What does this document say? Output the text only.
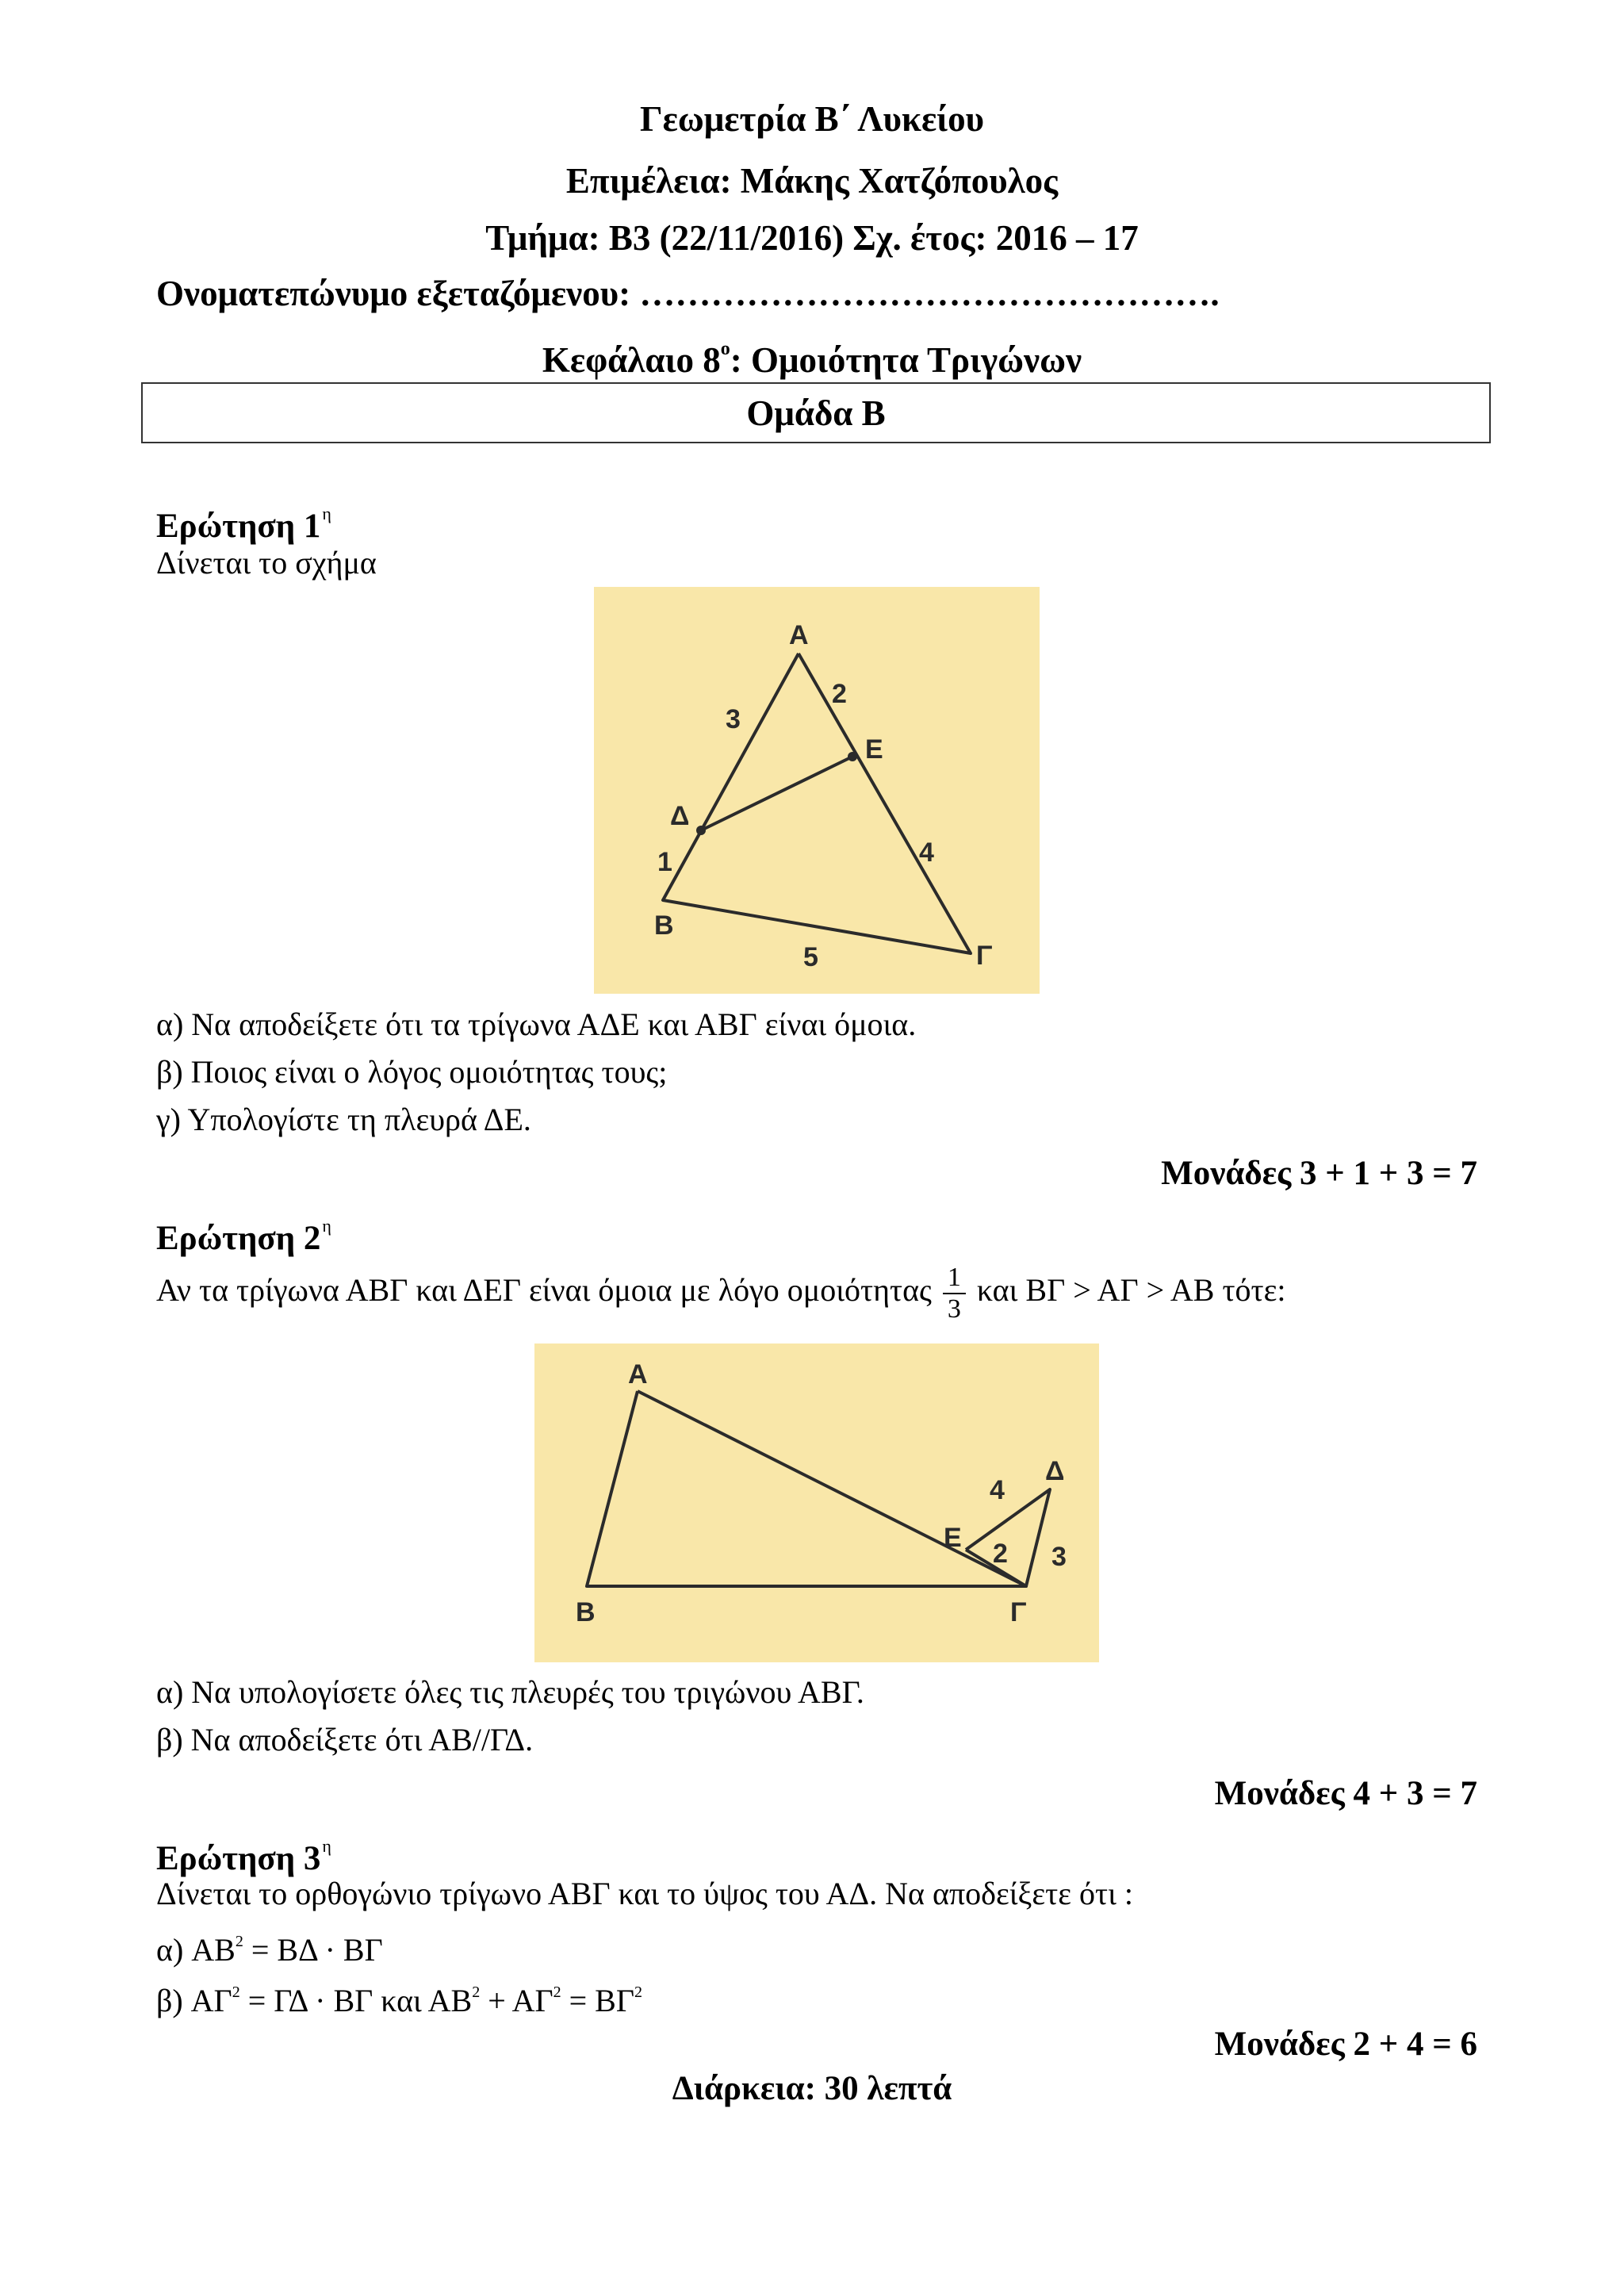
Γεωμετρία Β΄ Λυκείου
Επιμέλεια: Μάκης Χατζόπουλος
Τμήμα: Β3 (22/11/2016) Σχ. έτος: 2016 – 17
Ονοματεπώνυμο εξεταζόμενου: ………………………………………….
Κεφάλαιο $8^o$: Ομοιότητα Τριγώνων
Ομάδα Β
Ερώτηση $1^\eta$
Δίνεται το σχήμα
Α
Β
Γ
Δ
Ε
3
2
1	4
5
α) Να αποδείξετε ότι τα τρίγωνα ΑΔΕ και ΑΒΓ είναι όμοια.
β) Ποιος είναι ο λόγος ομοιότητας τους;
γ) Υπολογίστε τη πλευρά ΔΕ.
Μονάδες 3 + 1 + 3 = 7
Ερώτηση $2^\eta$
Αν τα τρίγωνα ΑΒΓ και ΔΕΓ είναι όμοια με λόγο ομοιότητας $\frac{1}{3}$ και ΒΓ > ΑΓ > ΑΒ τότε:
Α
Β	Γ
Δ
Ε
4
2 3
α) Να υπολογίσετε όλες τις πλευρές του τριγώνου ΑΒΓ.
β) Να αποδείξετε ότι ΑΒ//ΓΔ.
Μονάδες 4 + 3 = 7
Ερώτηση $3^\eta$
Δίνεται το ορθογώνιο τρίγωνο ΑΒΓ και το ύψος του ΑΔ. Να αποδείξετε ότι :
α) $AB^2 = B\Delta \cdot B\Gamma$
β) $A\Gamma^2 = \Gamma\Delta \cdot B\Gamma$ και $AB^2 + A\Gamma^2 = B\Gamma^2$
Μονάδες 2 + 4 = 6
Διάρκεια: 30 λεπτά
